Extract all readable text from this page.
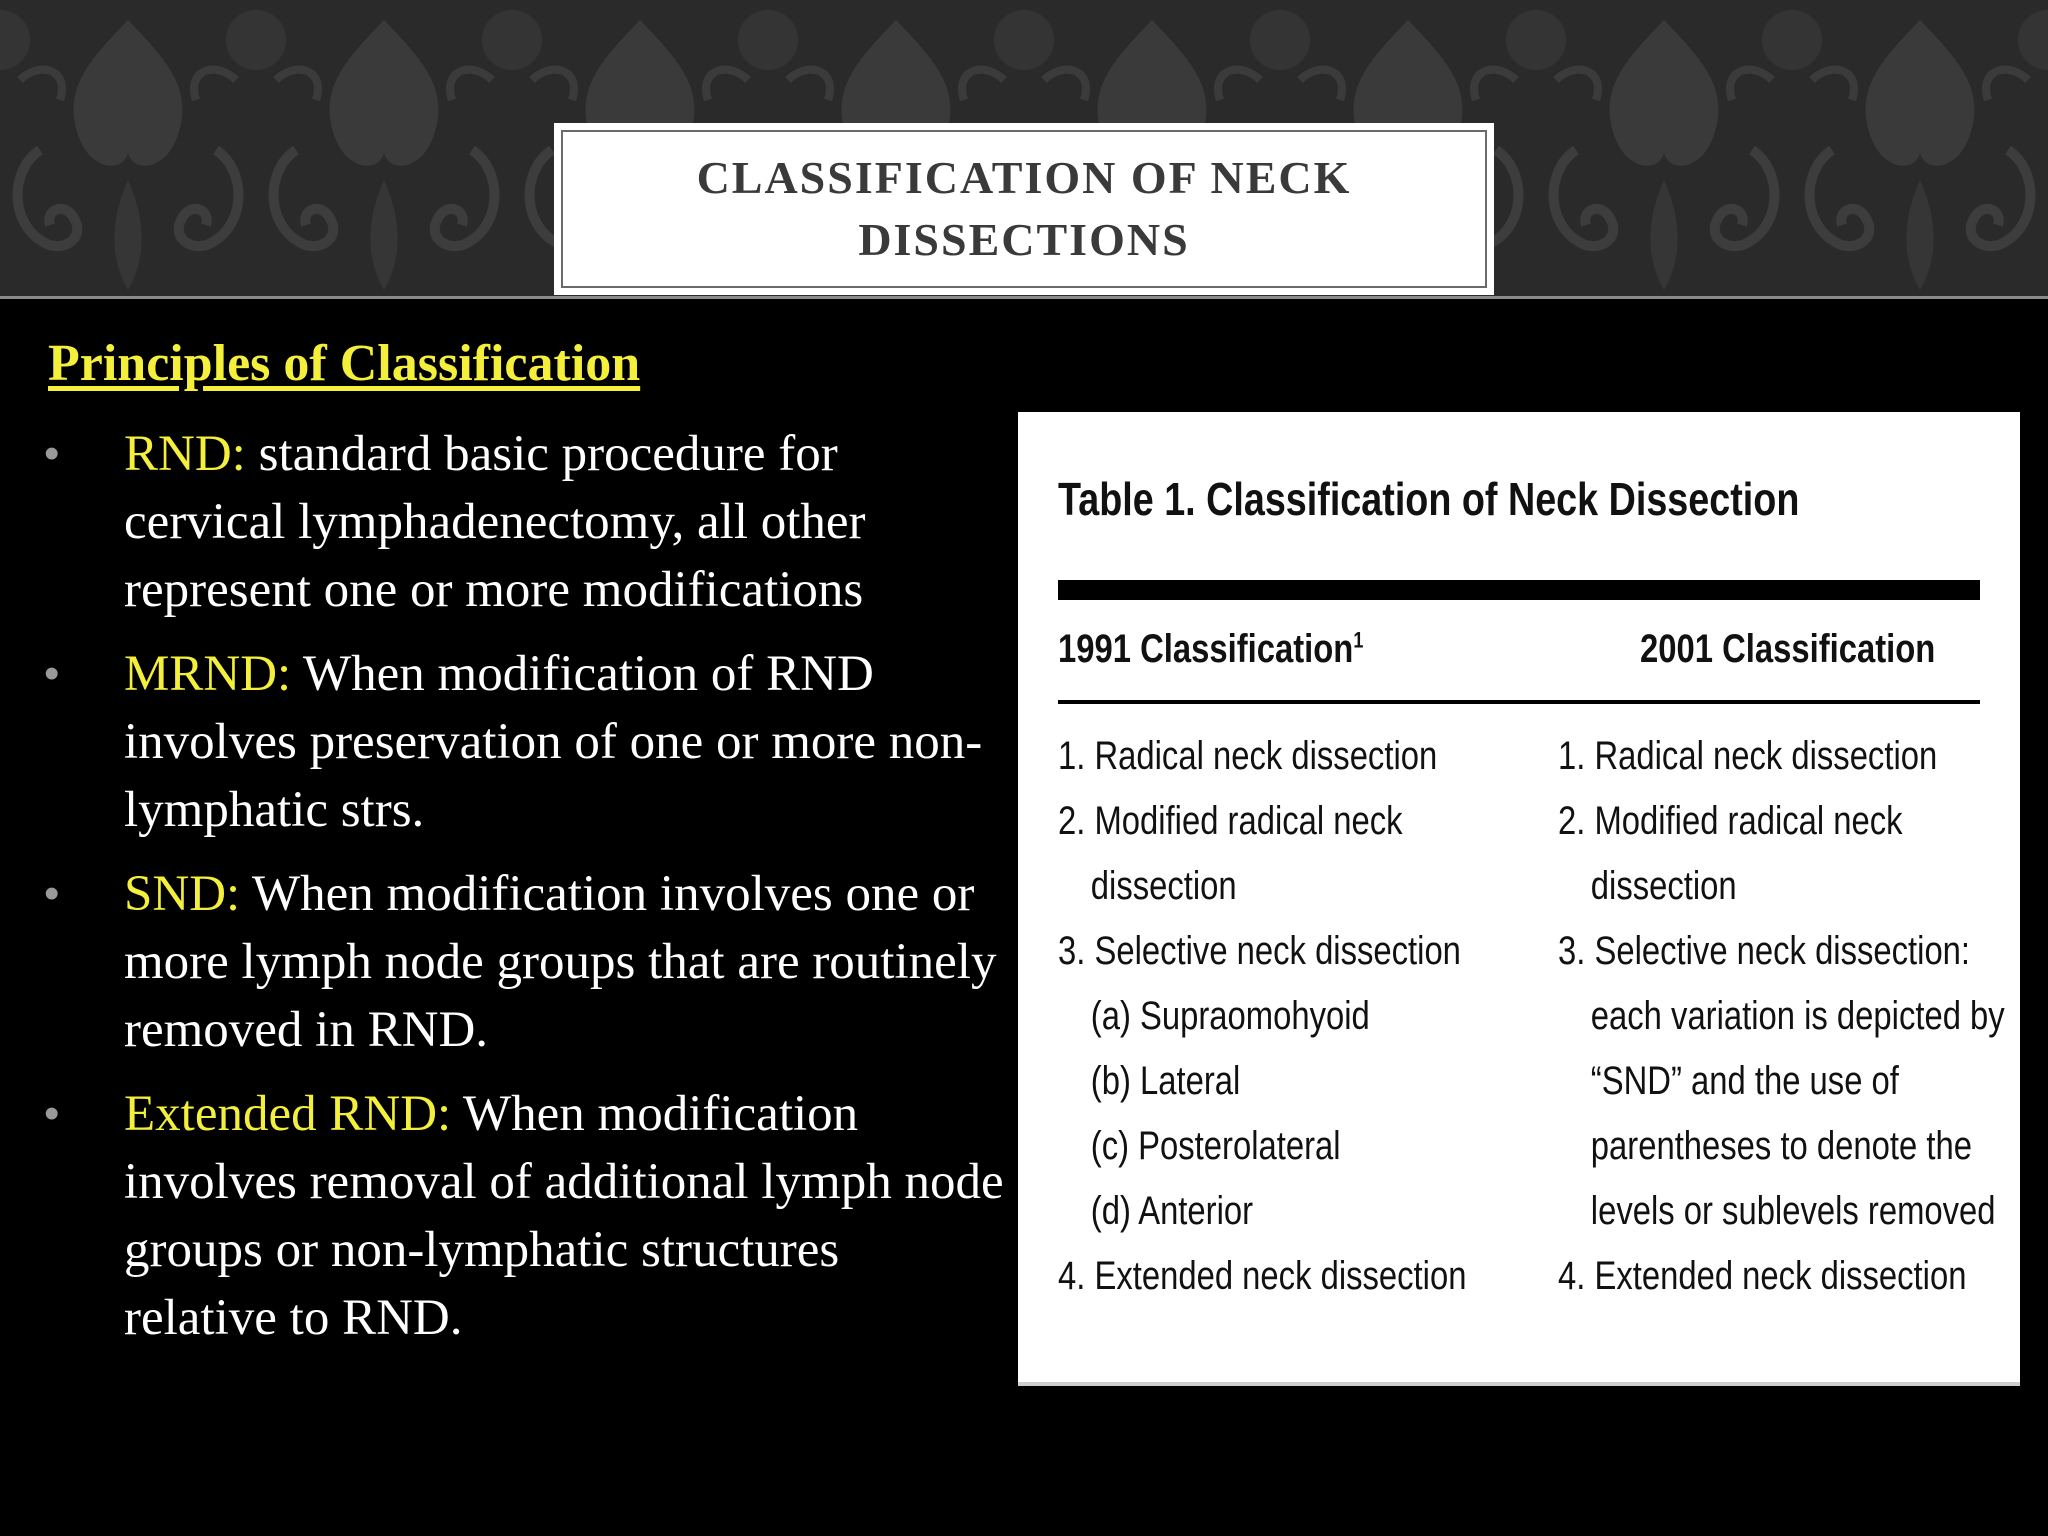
CLASSIFICATION OF NECK
DISSECTIONS
Principles of Classification
• RND: standard basic procedure for cervical lymphadenectomy, all other represent one or more modifications
• MRND: When modification of RND involves preservation of one or more non-lymphatic strs.
• SND: When modification involves one or more lymph node groups that are routinely removed in RND.
• Extended RND: When modification involves removal of additional lymph node groups or non-lymphatic structures relative to RND.
Table 1. Classification of Neck Dissection
1991 Classification$^1$	2001 Classification
1. Radical neck dissection
2. Modified radical neck
dissection
3. Selective neck dissection
(a) Supraomohyoid
(b) Lateral
(c) Posterolateral
(d) Anterior
4. Extended neck dissection
1. Radical neck dissection
2. Modified radical neck
dissection
3. Selective neck dissection:
each variation is depicted by
“SND” and the use of
parentheses to denote the
levels or sublevels removed
4. Extended neck dissection
